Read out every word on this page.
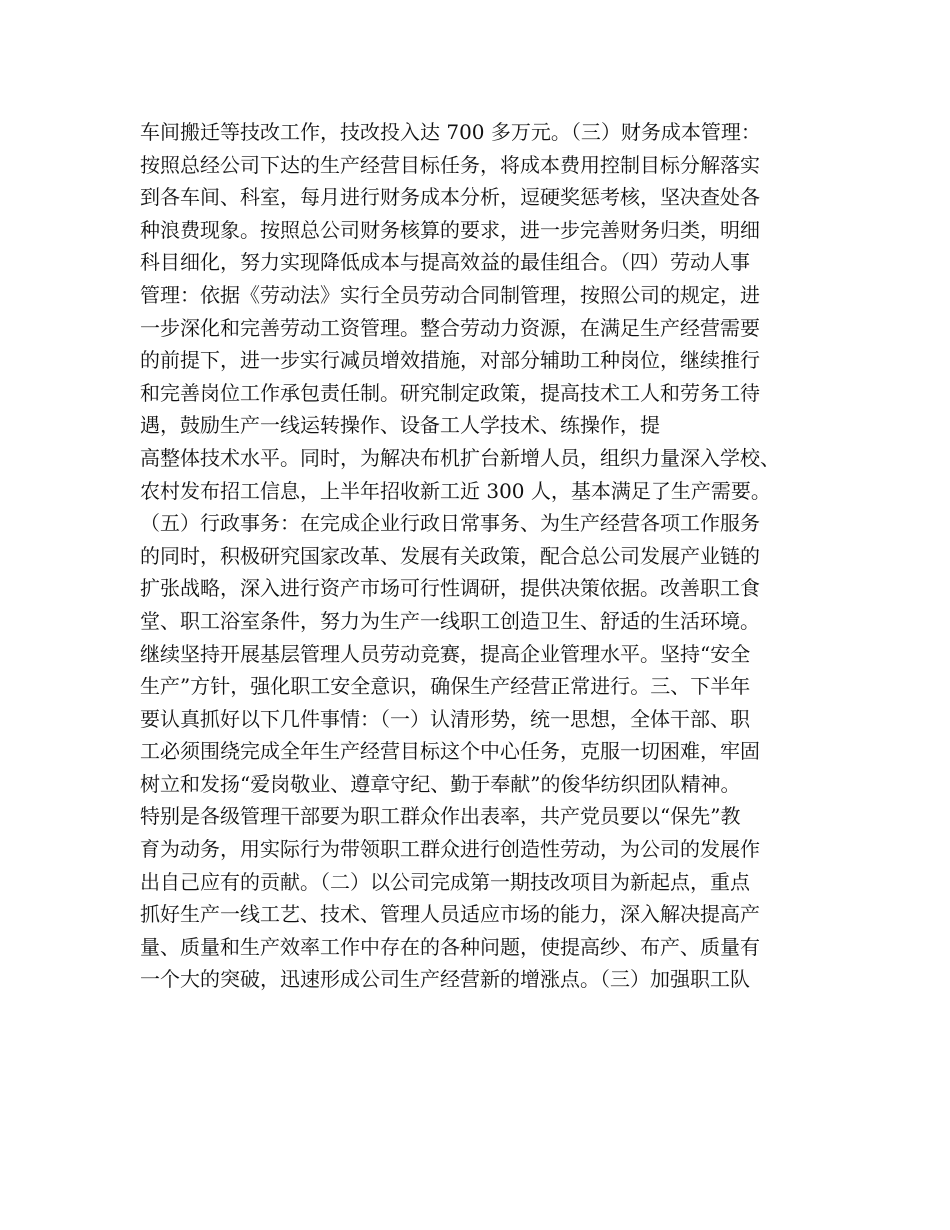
车间搬迁等技改工作，技改投入达 700 多万元。（三）财务成本管理：
按照总经公司下达的生产经营目标任务，将成本费用控制目标分解落实
到各车间、科室，每月进行财务成本分析，逗硬奖惩考核，坚决查处各
种浪费现象。按照总公司财务核算的要求，进一步完善财务归类，明细
科目细化，努力实现降低成本与提高效益的最佳组合。（四）劳动人事
管理：依据《劳动法》实行全员劳动合同制管理，按照公司的规定，进
一步深化和完善劳动工资管理。整合劳动力资源，在满足生产经营需要
的前提下，进一步实行减员增效措施，对部分辅助工种岗位，继续推行
和完善岗位工作承包责任制。研究制定政策，提高技术工人和劳务工待
遇，鼓励生产一线运转操作、设备工人学技术、练操作，提
高整体技术水平。同时，为解决布机扩台新增人员，组织力量深入学校、
农村发布招工信息，上半年招收新工近 300 人，基本满足了生产需要。
（五）行政事务：在完成企业行政日常事务、为生产经营各项工作服务
的同时，积极研究国家改革、发展有关政策，配合总公司发展产业链的
扩张战略，深入进行资产市场可行性调研，提供决策依据。改善职工食
堂、职工浴室条件，努力为生产一线职工创造卫生、舒适的生活环境。
继续坚持开展基层管理人员劳动竞赛，提高企业管理水平。坚持“安全
生产”方针，强化职工安全意识，确保生产经营正常进行。三、下半年
要认真抓好以下几件事情：（一）认清形势，统一思想，全体干部、职
工必须围绕完成全年生产经营目标这个中心任务，克服一切困难，牢固
树立和发扬“爱岗敬业、遵章守纪、勤于奉献”的俊华纺织团队精神。
特别是各级管理干部要为职工群众作出表率，共产党员要以“保先”教
育为动务，用实际行为带领职工群众进行创造性劳动，为公司的发展作
出自己应有的贡献。（二）以公司完成第一期技改项目为新起点，重点
抓好生产一线工艺、技术、管理人员适应市场的能力，深入解决提高产
量、质量和生产效率工作中存在的各种问题，使提高纱、布产、质量有
一个大的突破，迅速形成公司生产经营新的增涨点。（三）加强职工队
